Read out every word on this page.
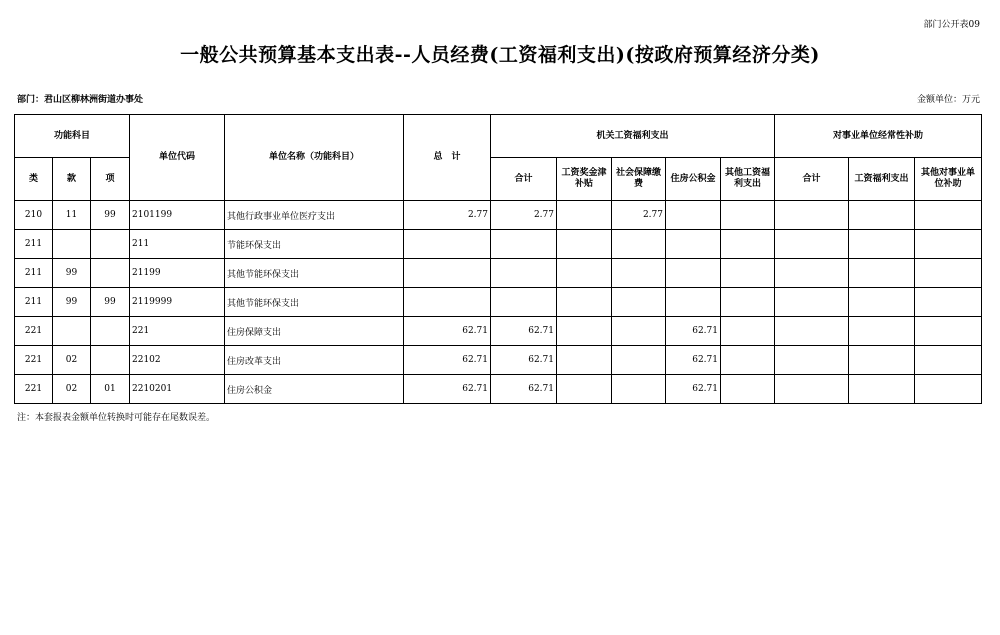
部门公开表09
一般公共预算基本支出表--人员经费(工资福利支出)(按政府预算经济分类)
部门：君山区柳林洲街道办事处	金额单位：万元
功能科目			单位代码	单位名称（功能科目）	总　计	机关工资福利支出					对事业单位经常性补助		
类	款	项				合计	工资奖金津补贴	社会保障缴费	住房公积金	其他工资福利支出	合计	工资福利支出	其他对事业单位补助
210	11	99	2101199	其他行政事业单位医疗支出	2.77	2.77		2.77					
211			211	节能环保支出									
211	99		21199	其他节能环保支出									
211	99	99	2119999	其他节能环保支出									
221			221	住房保障支出	62.71	62.71			62.71				
221	02		22102	住房改革支出	62.71	62.71			62.71				
221	02	01	2210201	住房公积金	62.71	62.71			62.71				
注：本套报表金额单位转换时可能存在尾数误差。
